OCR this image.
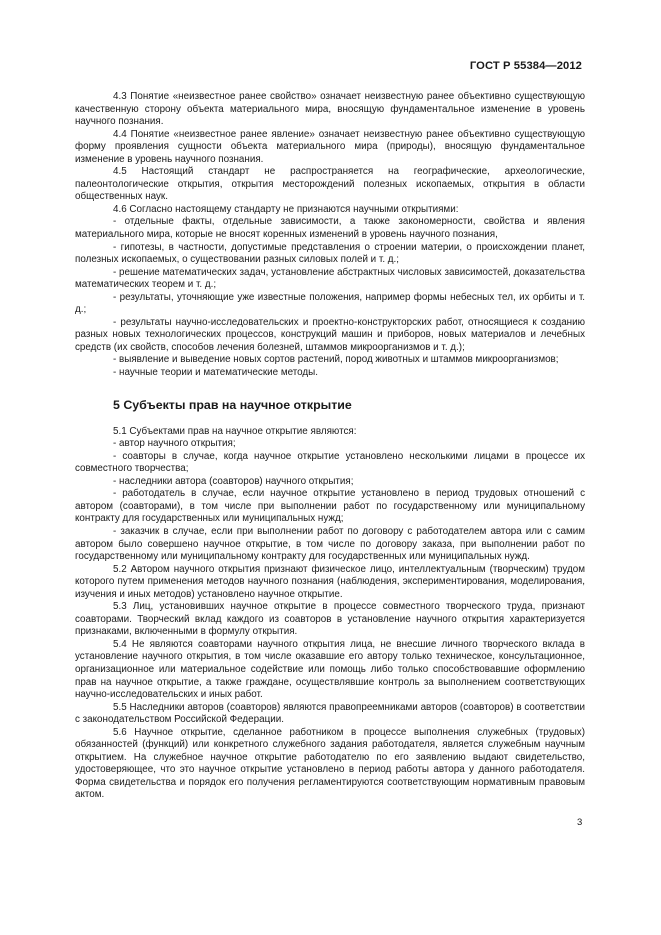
ГОСТ Р 55384—2012

4.3 Понятие «неизвестное ранее свойство» означает неизвестную ранее объективно существующую качественную сторону объекта материального мира, вносящую фундаментальное изменение в уровень научного познания.

4.4 Понятие «неизвестное ранее явление» означает неизвестную ранее объективно существующую форму проявления сущности объекта материального мира (природы), вносящую фундаментальное изменение в уровень научного познания.

4.5 Настоящий стандарт не распространяется на географические, археологические, палеонтологические открытия, открытия месторождений полезных ископаемых, открытия в области общественных наук.

4.6 Согласно настоящему стандарту не признаются научными открытиями:

- отдельные факты, отдельные зависимости, а также закономерности, свойства и явления материального мира, которые не вносят коренных изменений в уровень научного познания,

- гипотезы, в частности, допустимые представления о строении материи, о происхождении планет, полезных ископаемых, о существовании разных силовых полей и т. д.;

- решение математических задач, установление абстрактных числовых зависимостей, доказательства математических теорем и т. д.;

- результаты, уточняющие уже известные положения, например формы небесных тел, их орбиты и т. д.;

- результаты научно-исследовательских и проектно-конструкторских работ, относящиеся к созданию разных новых технологических процессов, конструкций машин и приборов, новых материалов и лечебных средств (их свойств, способов лечения болезней, штаммов микроорганизмов и т. д.);

- выявление и выведение новых сортов растений, пород животных и штаммов микроорганизмов;

- научные теории и математические методы.

5 Субъекты прав на научное открытие

5.1 Субъектами прав на научное открытие являются:

- автор научного открытия;

- соавторы в случае, когда научное открытие установлено несколькими лицами в процессе их совместного творчества;

- наследники автора (соавторов) научного открытия;

- работодатель в случае, если научное открытие установлено в период трудовых отношений с автором (соавторами), в том числе при выполнении работ по государственному или муниципальному контракту для государственных или муниципальных нужд;

- заказчик в случае, если при выполнении работ по договору с работодателем автора или с самим автором было совершено научное открытие, в том числе по договору заказа, при выполнении работ по государственному или муниципальному контракту для государственных или муниципальных нужд.

5.2 Автором научного открытия признают физическое лицо, интеллектуальным (творческим) трудом которого путем применения методов научного познания (наблюдения, экспериментирования, моделирования, изучения и иных методов) установлено научное открытие.

5.3 Лиц, установивших научное открытие в процессе совместного творческого труда, признают соавторами. Творческий вклад каждого из соавторов в установление научного открытия характеризуется признаками, включенными в формулу открытия.

5.4 Не являются соавторами научного открытия лица, не внесшие личного творческого вклада в установление научного открытия, в том числе оказавшие его автору только техническое, консультационное, организационное или материальное содействие или помощь либо только способствовавшие оформлению прав на научное открытие, а также граждане, осуществлявшие контроль за выполнением соответствующих научно-исследовательских и иных работ.

5.5 Наследники авторов (соавторов) являются правопреемниками авторов (соавторов) в соответствии с законодательством Российской Федерации.

5.6 Научное открытие, сделанное работником в процессе выполнения служебных (трудовых) обязанностей (функций) или конкретного служебного задания работодателя, является служебным научным открытием. На служебное научное открытие работодателю по его заявлению выдают свидетельство, удостоверяющее, что это научное открытие установлено в период работы автора у данного работодателя. Форма свидетельства и порядок его получения регламентируются соответствующим нормативным правовым актом.

3
